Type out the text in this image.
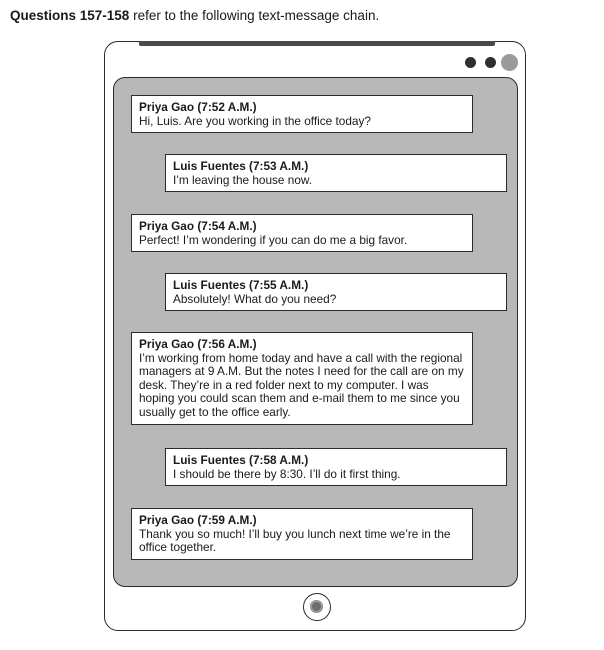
Questions 157-158 refer to the following text-message chain.
Priya Gao (7:52 A.M.)
Hi, Luis. Are you working in the office today?
Luis Fuentes (7:53 A.M.)
I’m leaving the house now.
Priya Gao (7:54 A.M.)
Perfect! I’m wondering if you can do me a big favor.
Luis Fuentes (7:55 A.M.)
Absolutely! What do you need?
Priya Gao (7:56 A.M.)
I’m working from home today and have a call with the regional managers at 9 A.M. But the notes I need for the call are on my desk. They’re in a red folder next to my computer. I was hoping you could scan them and e-mail them to me since you usually get to the office early.
Luis Fuentes (7:58 A.M.)
I should be there by 8:30. I’ll do it first thing.
Priya Gao (7:59 A.M.)
Thank you so much! I’ll buy you lunch next time we’re in the office together.
